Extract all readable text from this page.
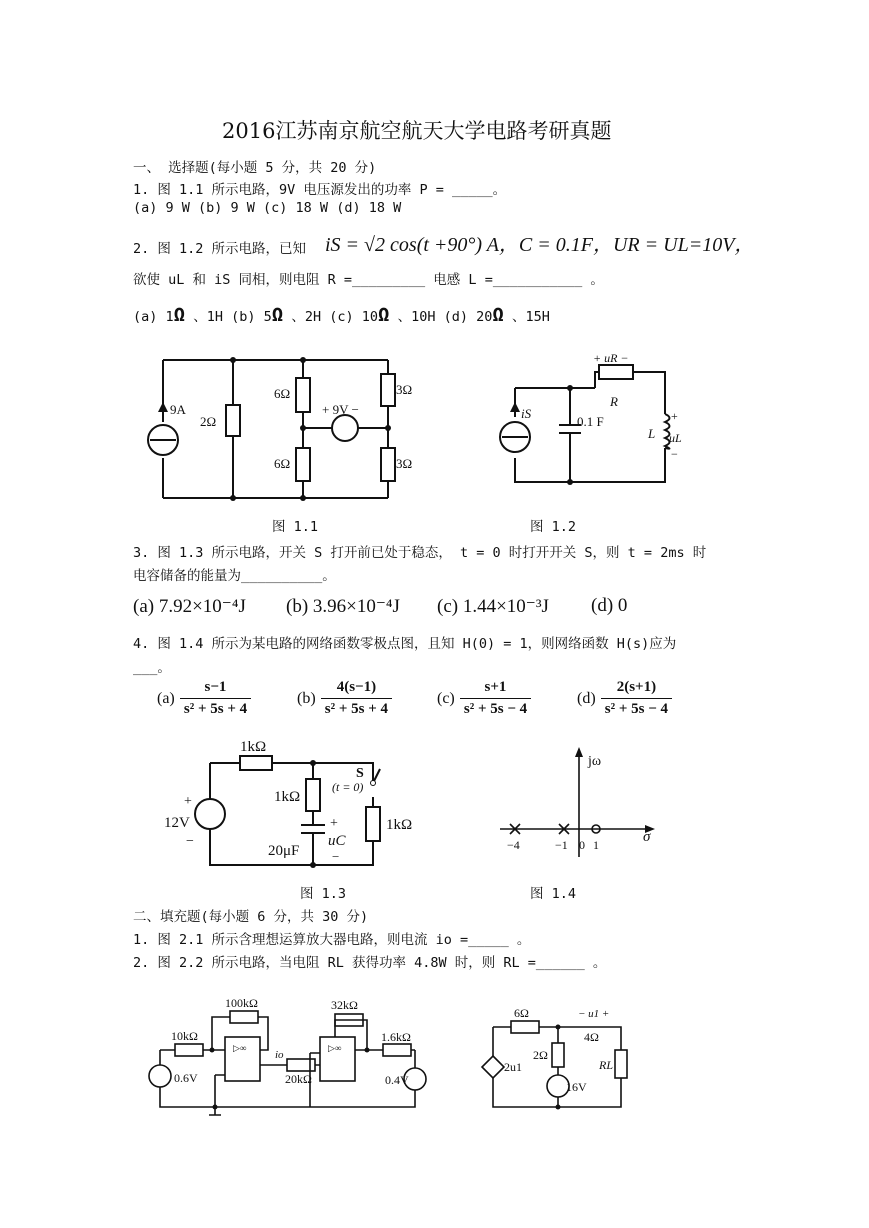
2016江苏南京航空航天大学电路考研真题
一、 选择题(每小题 5 分，共 20 分)
1. 图 1.1 所示电路，9V 电压源发出的功率 P = _____。
(a) 9 W (b) 9 W (c) 18 W (d) 18 W
2. 图 1.2 所示电路，已知 iS = √2 cos(t +90°) A，C = 0.1F，UR = UL=10V，
欲使 uL 和 iS 同相，则电阻 R =_________ 电感 L =___________ 。
(a) 1Ω 、1H (b) 5Ω 、2H (c) 10Ω 、10H (d) 20Ω 、15H
9A
2Ω
6Ω
6Ω
3Ω
3Ω
+ 9V −	iS
0.1 F
+ uR −
R
L
+
uL
−
图 1.1	图 1.2
3. 图 1.3 所示电路，开关 S 打开前已处于稳态， t = 0 时打开开关 S，则 t = 2ms 时
电容储备的能量为__________。
(a) 7.92×10⁻⁴J (b) 3.96×10⁻⁴J (c) 1.44×10⁻³J (d) 0
4. 图 1.4 所示为某电路的网络函数零极点图，且知 H(0) = 1，则网络函数 H(s)应为
___。
$(a) \frac{s-1}{\text{s² + 5s + 4}}$	$(b) \frac{4(s-1)}{\text{s² + 5s + 4}}$	$(c) \frac{s+1}{\text{s² + 5s − 4}}$	$(d) \frac{2(s+1)}{\text{s² + 5s − 4}}$
1kΩ
1kΩ
1kΩ
12V
+
−
S
(t = 0)
20μF
+
uC
−
jω
σ
−4	−1 0 1
图 1.3	图 1.4
二、填充题(每小题 6 分，共 30 分)
1. 图 2.1 所示含理想运算放大器电路，则电流 io =_____ 。
2. 图 2.2 所示电路，当电阻 RL 获得功率 4.8W 时，则 RL =______ 。
100kΩ
10kΩ
32kΩ
1.6kΩ
20kΩ
0.6V	0.4V
io
▷∞	▷∞
6Ω	− u1 +
4Ω
2Ω
2u1
16V
RL
